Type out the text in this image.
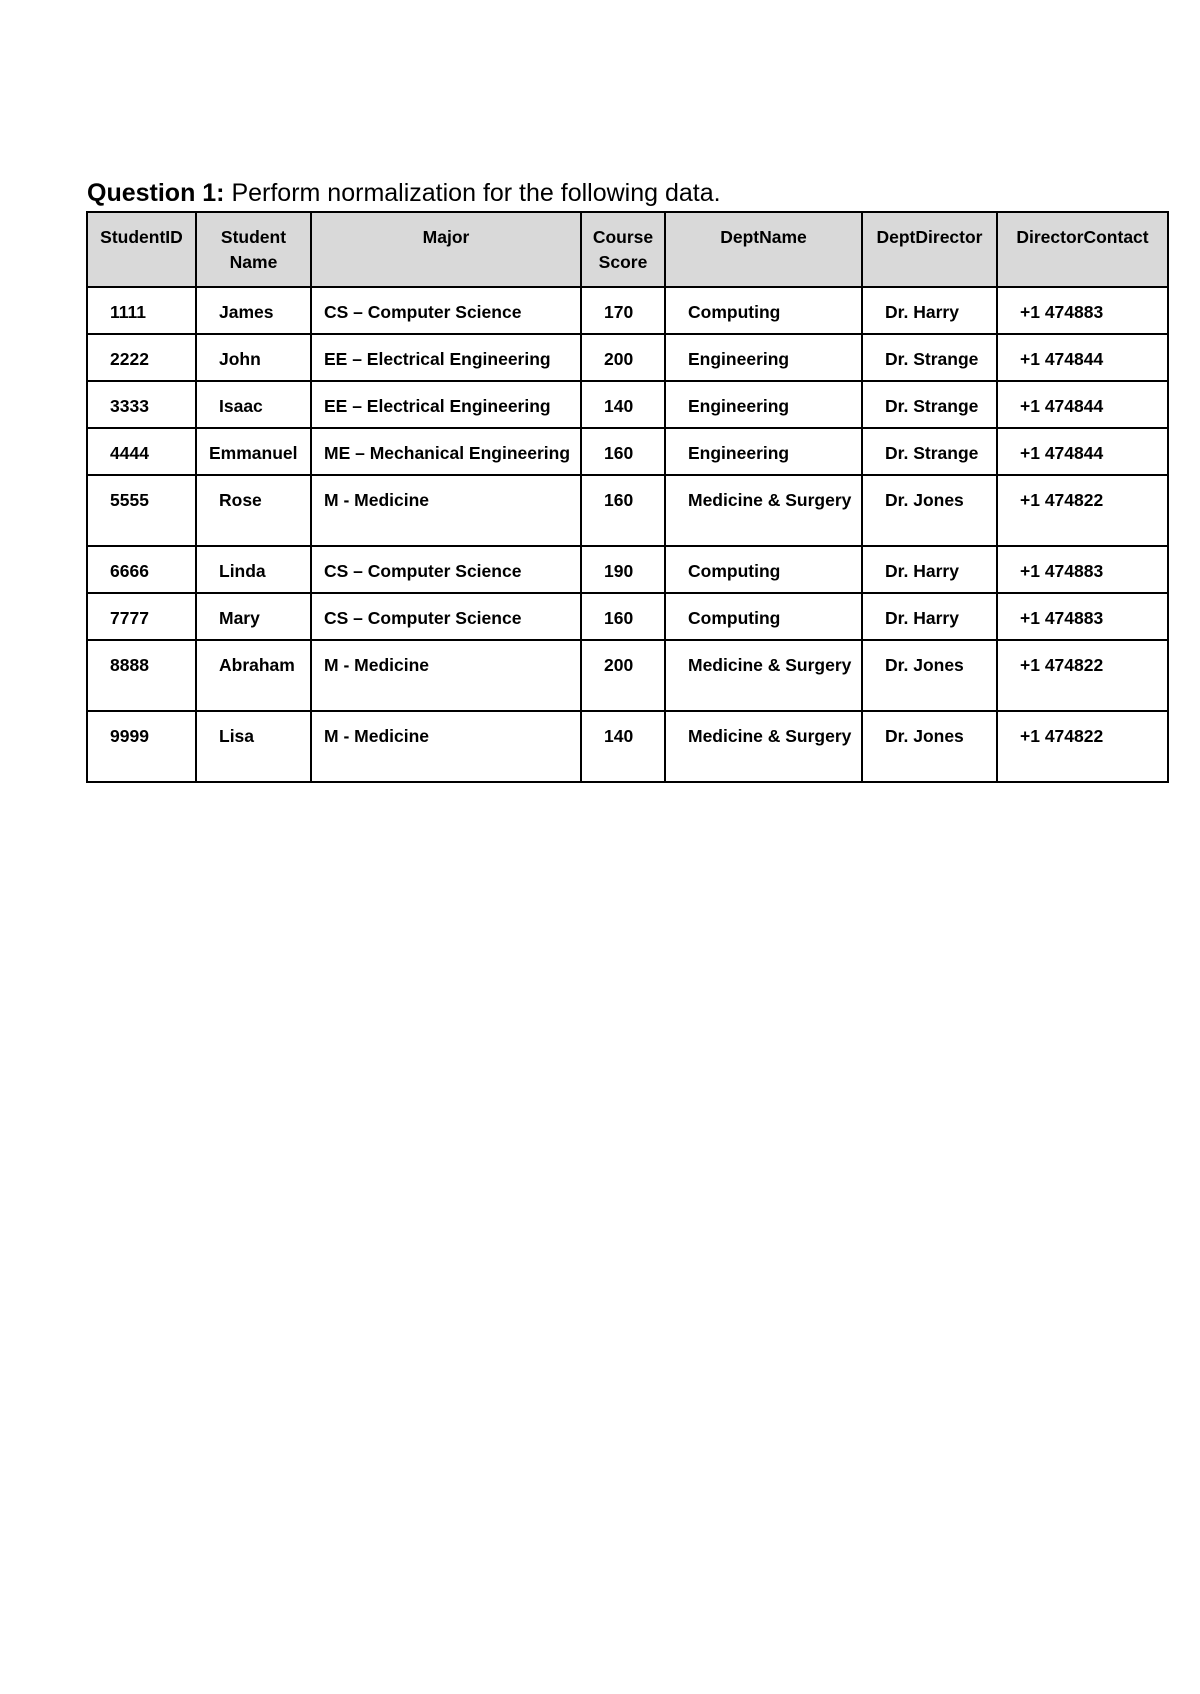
Question 1: Perform normalization for the following data.
StudentID	Student Name	Major	Course Score	DeptName	DeptDirector	DirectorContact
1111	James	CS – Computer Science	170	Computing	Dr. Harry	+1 474883
2222	John	EE – Electrical Engineering	200	Engineering	Dr. Strange	+1 474844
3333	Isaac	EE – Electrical Engineering	140	Engineering	Dr. Strange	+1 474844
4444	Emmanuel	ME – Mechanical Engineering	160	Engineering	Dr. Strange	+1 474844
5555	Rose	M - Medicine	160	Medicine & Surgery	Dr. Jones	+1 474822
6666	Linda	CS – Computer Science	190	Computing	Dr. Harry	+1 474883
7777	Mary	CS – Computer Science	160	Computing	Dr. Harry	+1 474883
8888	Abraham	M - Medicine	200	Medicine & Surgery	Dr. Jones	+1 474822
9999	Lisa	M - Medicine	140	Medicine & Surgery	Dr. Jones	+1 474822
